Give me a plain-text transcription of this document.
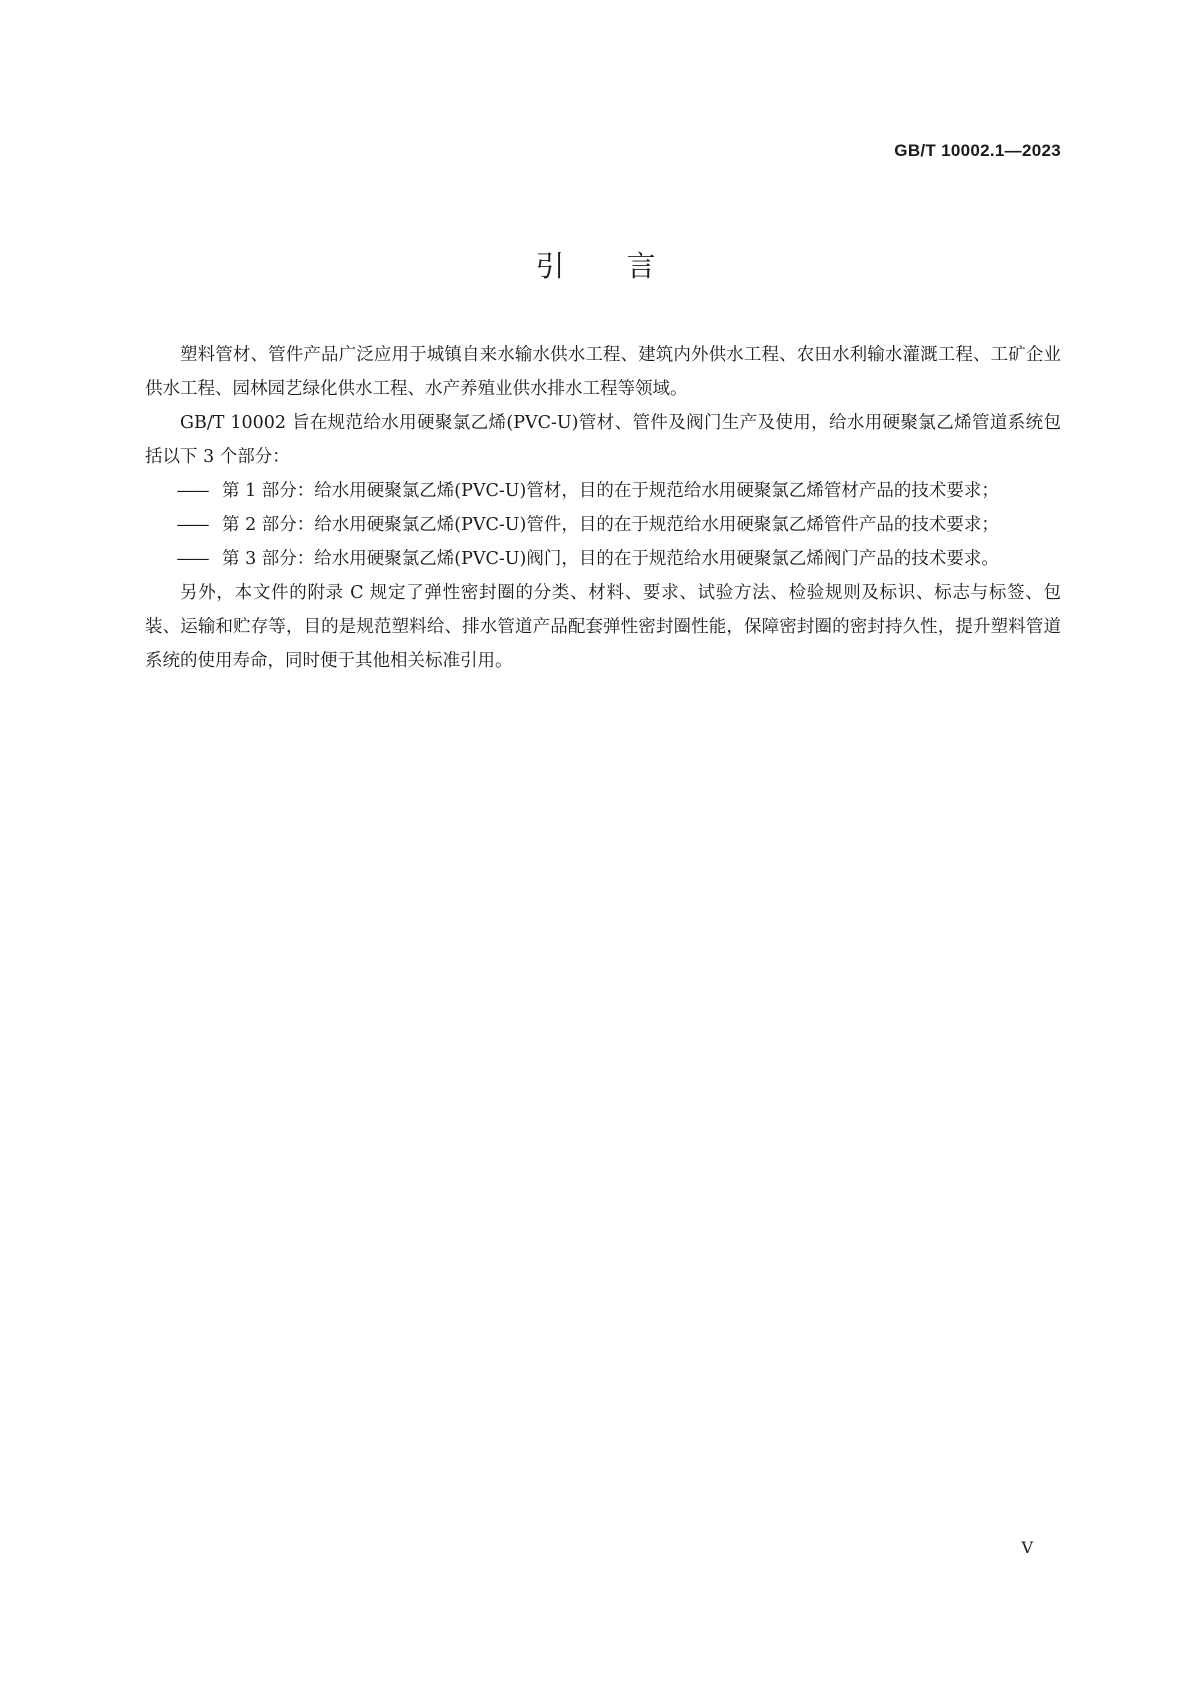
GB/T 10002.1—2023
引言

塑料管材、管件产品广泛应用于城镇自来水输水供水工程、建筑内外供水工程、农田水利输水灌溉工程、工矿企业供水工程、园林园艺绿化供水工程、水产养殖业供水排水工程等领域。

GB/T 10002 旨在规范给水用硬聚氯乙烯(PVC-U)管材、管件及阀门生产及使用，给水用硬聚氯乙烯管道系统包括以下 3 个部分：

—— 第 1 部分：给水用硬聚氯乙烯(PVC-U)管材，目的在于规范给水用硬聚氯乙烯管材产品的技术要求；

—— 第 2 部分：给水用硬聚氯乙烯(PVC-U)管件，目的在于规范给水用硬聚氯乙烯管件产品的技术要求；

—— 第 3 部分：给水用硬聚氯乙烯(PVC-U)阀门，目的在于规范给水用硬聚氯乙烯阀门产品的技术要求。

另外，本文件的附录 C 规定了弹性密封圈的分类、材料、要求、试验方法、检验规则及标识、标志与标签、包装、运输和贮存等，目的是规范塑料给、排水管道产品配套弹性密封圈性能，保障密封圈的密封持久性，提升塑料管道系统的使用寿命，同时便于其他相关标准引用。

V
